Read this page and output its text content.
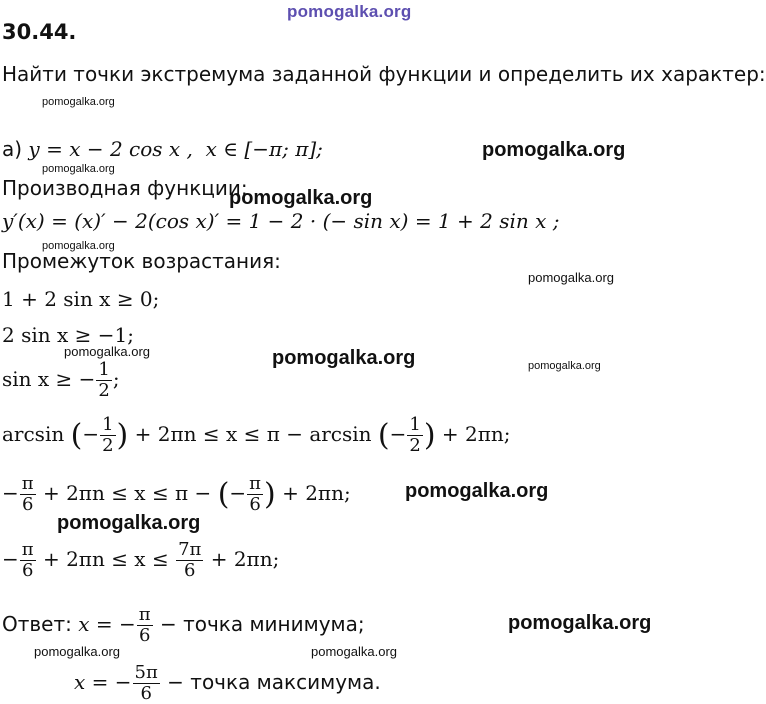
pomogalka.org
pomogalka.org
pomogalka.org
pomogalka.org
pomogalka.org
pomogalka.org
pomogalka.org
pomogalka.org	pomogalka.org	pomogalka.org
pomogalka.org
pomogalka.org
pomogalka.org
pomogalka.org	pomogalka.org
30.44.
Найти точки экстремума заданной функции и определить их характер:
а) y = x − 2 cos x , x ∈ [−π; π];
Производная функции:
y′(x) = (x)′ − 2(cos x)′ = 1 − 2 · (− sin x) = 1 + 2 sin x ;
Промежуток возрастания:
1 + 2 sin x ≥ 0;
2 sin x ≥ −1;
sin x ≥ − $\frac{1}{2}$ ;
arcsin (− $\frac{1}{2}$ ) + 2πn ≤ x ≤ π − arcsin (− $\frac{1}{2}$ ) + 2πn;
− $\frac{\pi}{6} + 2\pi n \le x \le \pi$ − (− $\frac{\pi}{6}$ ) + 2πn;
− $\frac{\pi}{6} + 2\pi n \le x \le \frac{7\pi}{6} + 2\pi n$;
Ответ: x = − $\frac{\pi}{6}$ − точка минимума;
x = − $\frac{5\pi}{6}$ − точка максимума.
